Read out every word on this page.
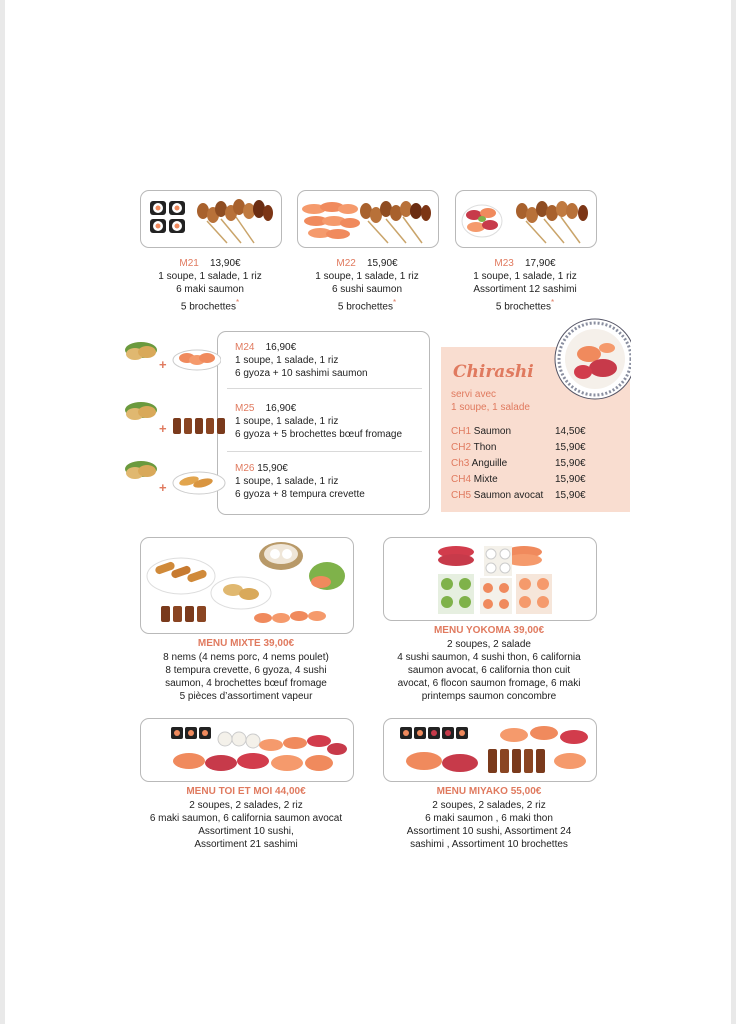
M21 13,90€
1 soupe, 1 salade, 1 riz
6 maki saumon
5 brochettes*
M22 15,90€
1 soupe, 1 salade, 1 riz
6 sushi saumon
5 brochettes*
M23 17,90€
1 soupe, 1 salade, 1 riz
Assortiment 12 sashimi
5 brochettes*
+
M24 16,90€
1 soupe, 1 salade, 1 riz
6 gyoza + 10 sashimi saumon
+
M25 16,90€
1 soupe, 1 salade, 1 riz
6 gyoza + 5 brochettes bœuf fromage
+
M26 15,90€
1 soupe, 1 salade, 1 riz
6 gyoza + 8 tempura crevette
Chirashi
servi avec
1 soupe, 1 salade
CH1 Saumon	14,50€
CH2 Thon	15,90€
Ch3 Anguille	15,90€
CH4 Mixte	15,90€
CH5 Saumon avocat 15,90€
MENU MIXTE 39,00€
8 nems (4 nems porc, 4 nems poulet)
8 tempura crevette, 6 gyoza, 4 sushi
saumon, 4 brochettes bœuf fromage
5 pièces d’assortiment vapeur
MENU YOKOMA 39,00€
2 soupes, 2 salade
4 sushi saumon, 4 sushi thon, 6 california
saumon avocat, 6 california thon cuit
avocat, 6 flocon saumon fromage, 6 maki
printemps saumon concombre
MENU TOI ET MOI 44,00€
2 soupes, 2 salades, 2 riz
6 maki saumon, 6 california saumon avocat
Assortiment 10 sushi,
Assortiment 21 sashimi
MENU MIYAKO 55,00€
2 soupes, 2 salades, 2 riz
6 maki saumon , 6 maki thon
Assortiment 10 sushi, Assortiment 24
sashimi , Assortiment 10 brochettes
